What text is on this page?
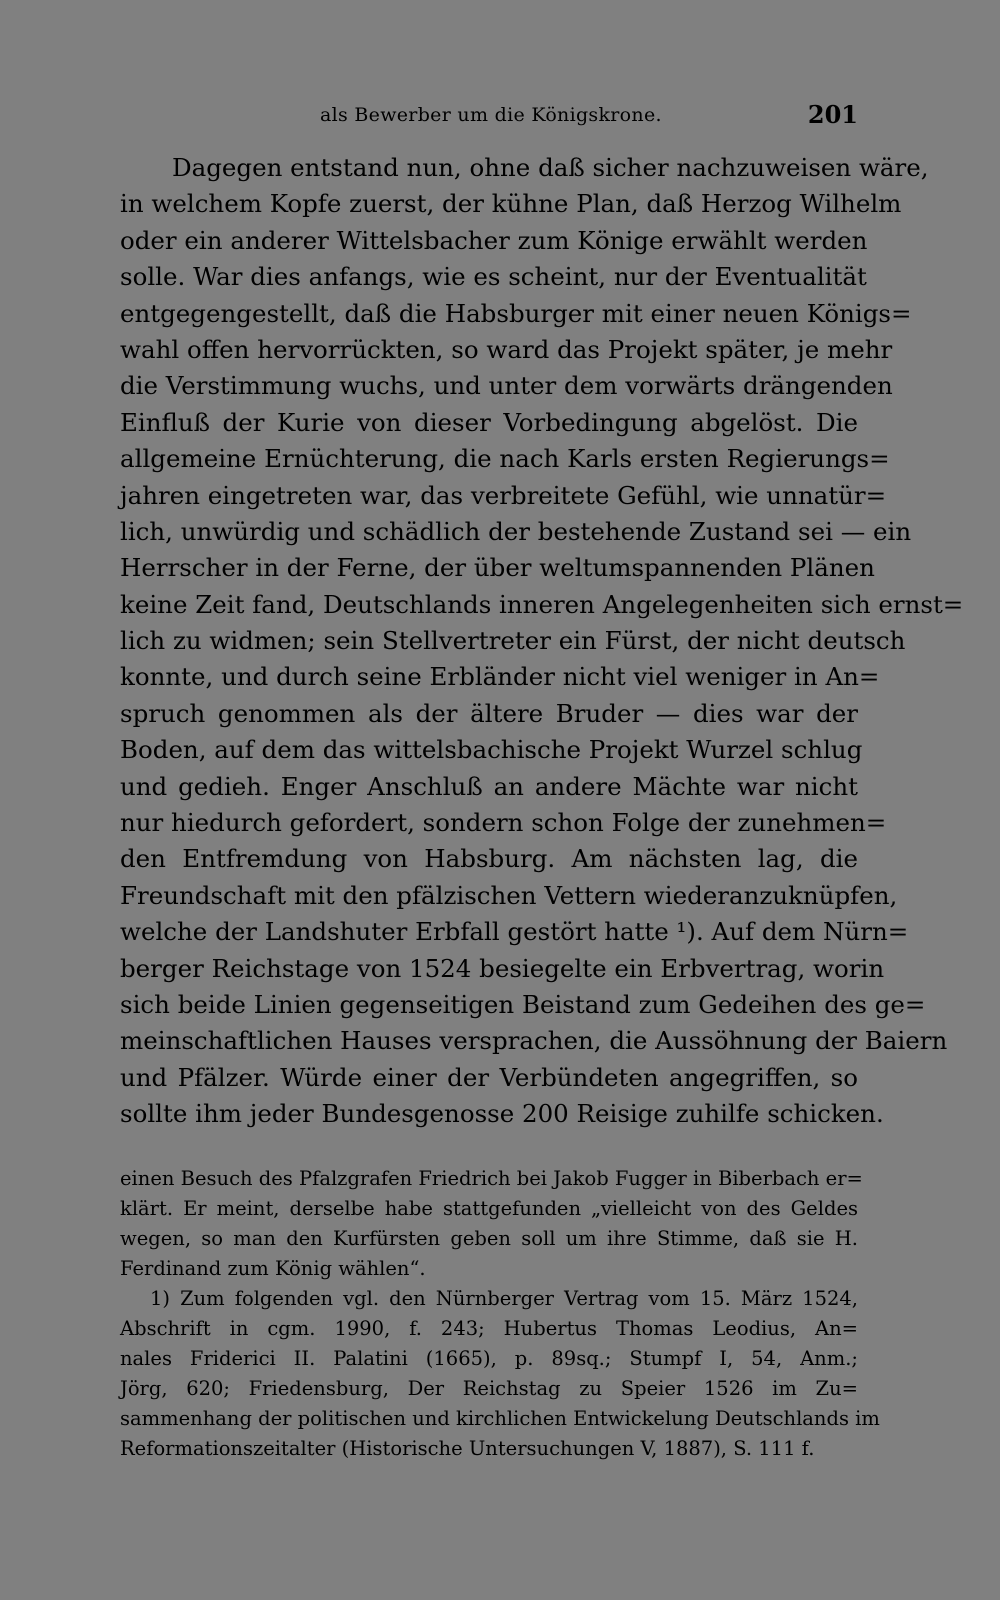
als Bewerber um die Königskrone.	201
Dagegen entstand nun, ohne daß sicher nachzuweisen wäre,
in welchem Kopfe zuerst, der kühne Plan, daß Herzog Wilhelm
oder ein anderer Wittelsbacher zum Könige erwählt werden
solle. War dies anfangs, wie es scheint, nur der Eventualität
entgegengestellt, daß die Habsburger mit einer neuen Königs=
wahl offen hervorrückten, so ward das Projekt später, je mehr
die Verstimmung wuchs, und unter dem vorwärts drängenden
Einfluß der Kurie von dieser Vorbedingung abgelöst. Die
allgemeine Ernüchterung, die nach Karls ersten Regierungs=
jahren eingetreten war, das verbreitete Gefühl, wie unnatür=
lich, unwürdig und schädlich der bestehende Zustand sei — ein
Herrscher in der Ferne, der über weltumspannenden Plänen
keine Zeit fand, Deutschlands inneren Angelegenheiten sich ernst=
lich zu widmen; sein Stellvertreter ein Fürst, der nicht deutsch
konnte, und durch seine Erbländer nicht viel weniger in An=
spruch genommen als der ältere Bruder — dies war der
Boden, auf dem das wittelsbachische Projekt Wurzel schlug
und gedieh. Enger Anschluß an andere Mächte war nicht
nur hiedurch gefordert, sondern schon Folge der zunehmen=
den Entfremdung von Habsburg. Am nächsten lag, die
Freundschaft mit den pfälzischen Vettern wiederanzuknüpfen,
welche der Landshuter Erbfall gestört hatte ¹). Auf dem Nürn=
berger Reichstage von 1524 besiegelte ein Erbvertrag, worin
sich beide Linien gegenseitigen Beistand zum Gedeihen des ge=
meinschaftlichen Hauses versprachen, die Aussöhnung der Baiern
und Pfälzer. Würde einer der Verbündeten angegriffen, so
sollte ihm jeder Bundesgenosse 200 Reisige zuhilfe schicken.
einen Besuch des Pfalzgrafen Friedrich bei Jakob Fugger in Biberbach er=
klärt. Er meint, derselbe habe stattgefunden „vielleicht von des Geldes
wegen, so man den Kurfürsten geben soll um ihre Stimme, daß sie H.
Ferdinand zum König wählen“.
1) Zum folgenden vgl. den Nürnberger Vertrag vom 15. März 1524,
Abschrift in cgm. 1990, f. 243; Hubertus Thomas Leodius, An=
nales Friderici II. Palatini (1665), p. 89sq.; Stumpf I, 54, Anm.;
Jörg, 620; Friedensburg, Der Reichstag zu Speier 1526 im Zu=
sammenhang der politischen und kirchlichen Entwickelung Deutschlands im
Reformationszeitalter (Historische Untersuchungen V, 1887), S. 111 f.
